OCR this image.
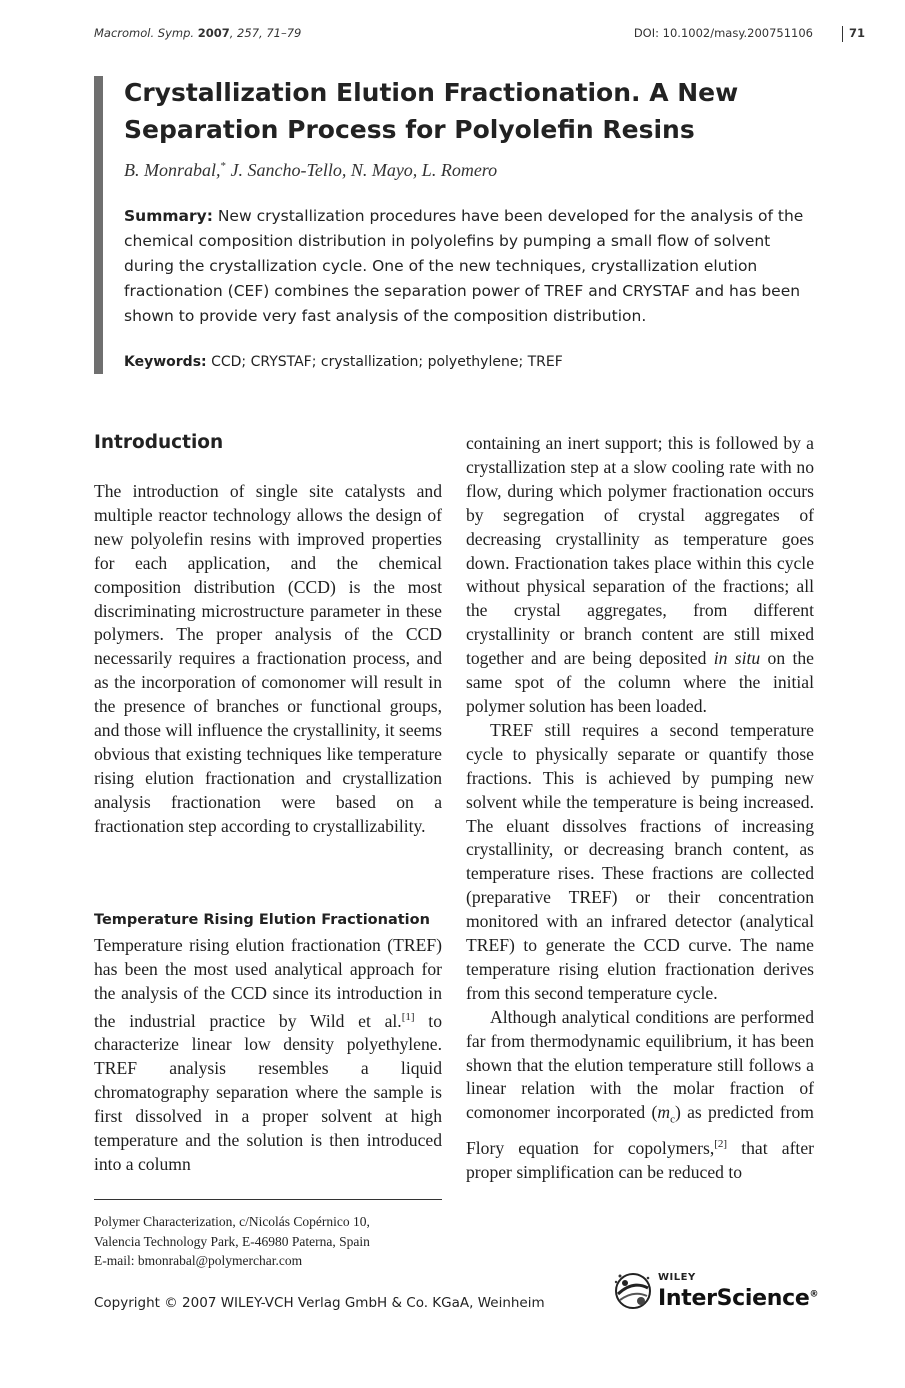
Macromol. Symp. 2007, 257, 71–79	DOI: 10.1002/masy.200751106	71
Crystallization Elution Fractionation. A New
Separation Process for Polyolefin Resins
B. Monrabal,* J. Sancho-Tello, N. Mayo, L. Romero
Summary: New crystallization procedures have been developed for the analysis of the chemical composition distribution in polyolefins by pumping a small flow of solvent during the crystallization cycle. One of the new techniques, crystallization elution fractionation (CEF) combines the separation power of TREF and CRYSTAF and has been shown to provide very fast analysis of the composition distribution.
Keywords: CCD; CRYSTAF; crystallization; polyethylene; TREF
Introduction

The introduction of single site catalysts and multiple reactor technology allows the design of new polyolefin resins with improved properties for each application, and the chemical composition distribution (CCD) is the most discriminating microstructure parameter in these polymers. The proper analysis of the CCD necessarily requires a fractionation process, and as the incorporation of comonomer will result in the presence of branches or functional groups, and those will influence the crystallinity, it seems obvious that existing techniques like temperature rising elution fractionation and crystallization analysis fractionation were based on a fractionation step according to crystallizability.

Temperature Rising Elution Fractionation

Temperature rising elution fractionation (TREF) has been the most used analytical approach for the analysis of the CCD since its introduction in the industrial practice by Wild et al.[1] to characterize linear low density polyethylene. TREF analysis resembles a liquid chromatography separation where the sample is first dissolved in a proper solvent at high temperature and the solution is then introduced into a column

containing an inert support; this is followed by a crystallization step at a slow cooling rate with no flow, during which polymer fractionation occurs by segregation of crystal aggregates of decreasing crystallinity as temperature goes down. Fractionation takes place within this cycle without physical separation of the fractions; all the crystal aggregates, from different crystallinity or branch content are still mixed together and are being deposited in situ on the same spot of the column where the initial polymer solution has been loaded.

TREF still requires a second temperature cycle to physically separate or quantify those fractions. This is achieved by pumping new solvent while the temperature is being increased. The eluant dissolves fractions of increasing crystallinity, or decreasing branch content, as temperature rises. These fractions are collected (preparative TREF) or their concentration monitored with an infrared detector (analytical TREF) to generate the CCD curve. The name temperature rising elution fractionation derives from this second temperature cycle.

Although analytical conditions are performed far from thermodynamic equilibrium, it has been shown that the elution temperature still follows a linear relation with the molar fraction of comonomer incorporated $(m_c)$ as predicted from Flory equation for copolymers,[2] that after proper simplification can be reduced to

Polymer Characterization, c/Nicolás Copérnico 10,
Valencia Technology Park, E-46980 Paterna, Spain
E-mail: bmonrabal@polymerchar.com
Copyright © 2007 WILEY-VCH Verlag GmbH & Co. KGaA, Weinheim
WILEY
InterScience®
